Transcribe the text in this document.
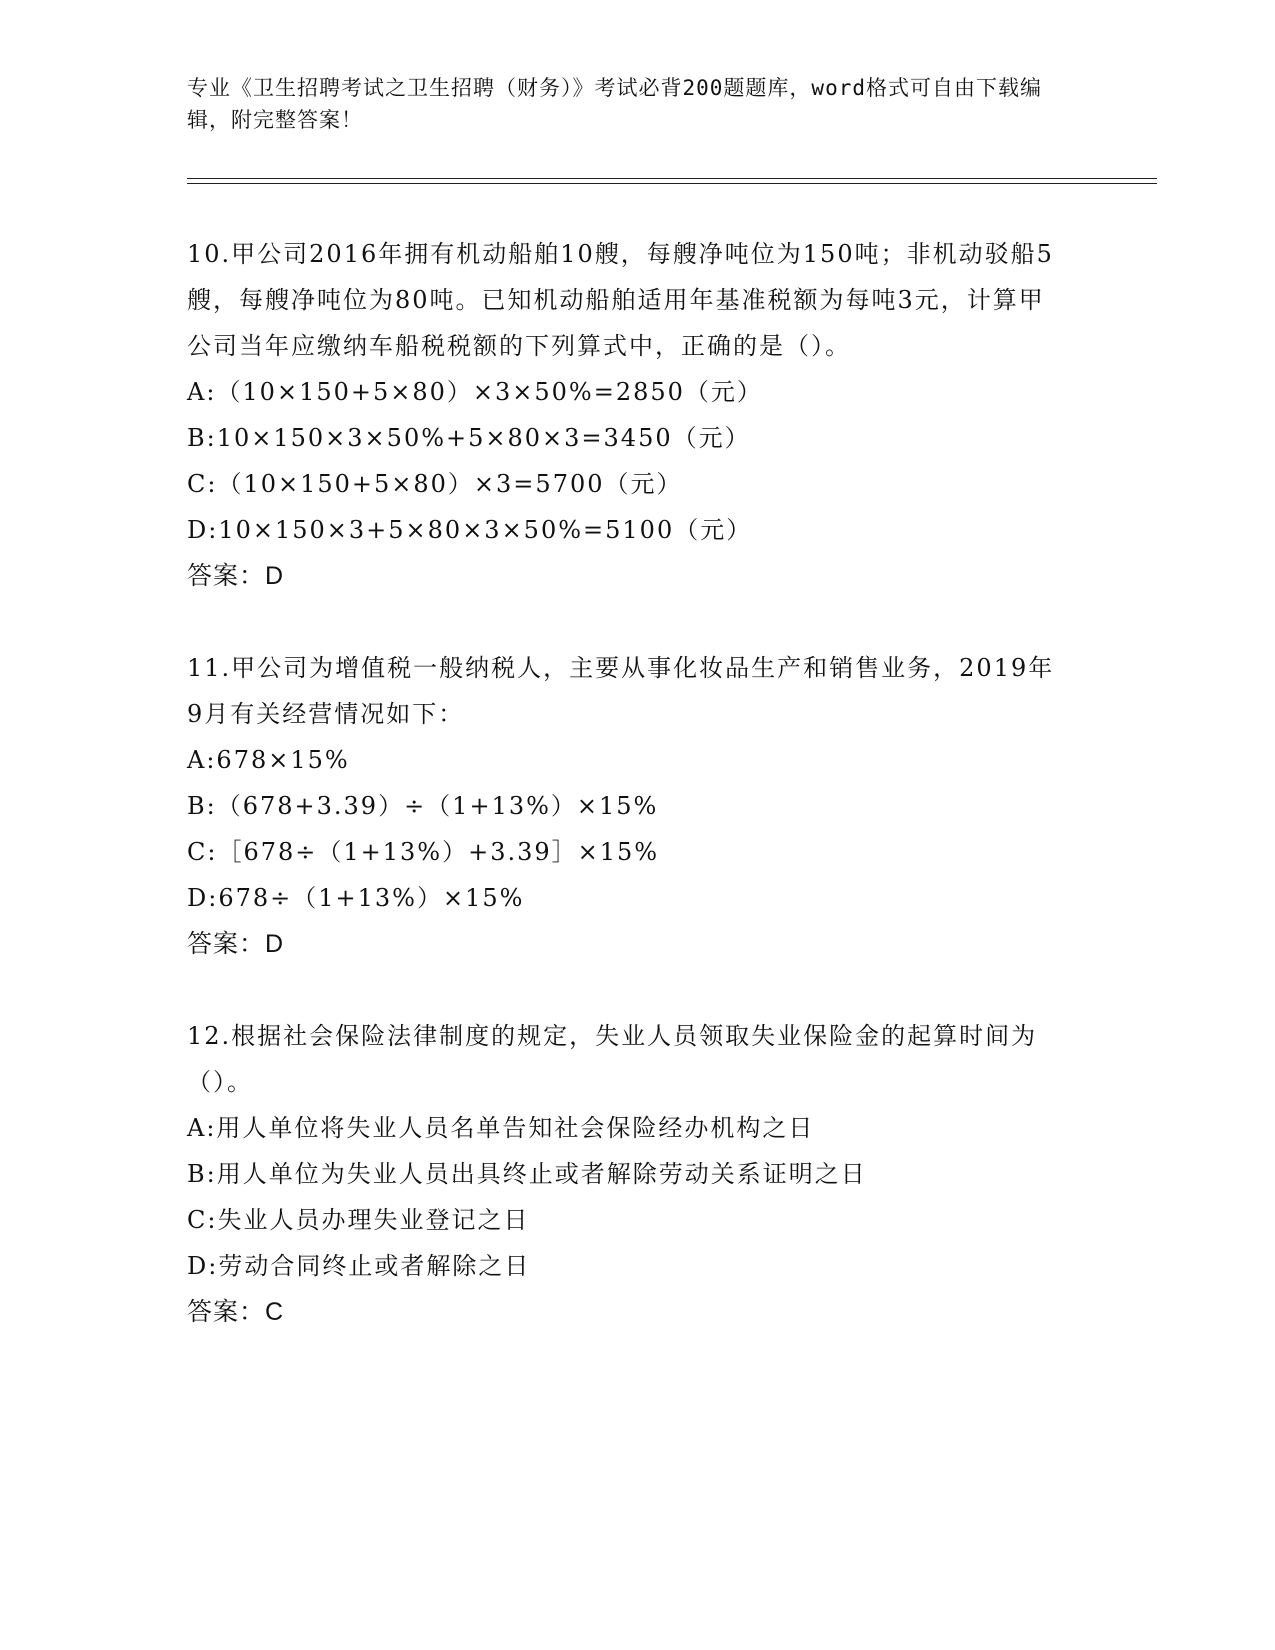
专业《卫生招聘考试之卫生招聘（财务）》考试必背200题题库，word格式可自由下载编辑，附完整答案！

10.甲公司2016年拥有机动船舶10艘，每艘净吨位为150吨；非机动驳船5艘，每艘净吨位为80吨。已知机动船舶适用年基准税额为每吨3元，计算甲公司当年应缴纳车船税税额的下列算式中，正确的是（）。

A:（10×150+5×80）×3×50%=2850（元）

B:10×150×3×50%+5×80×3=3450（元）

C:（10×150+5×80）×3=5700（元）

D:10×150×3+5×80×3×50%=5100（元）

答案：D

11.甲公司为增值税一般纳税人，主要从事化妆品生产和销售业务，2019年9月有关经营情况如下：

A:678×15%

B:（678+3.39）÷（1+13%）×15%

C:［678÷（1+13%）+3.39］×15%

D:678÷（1+13%）×15%

答案：D

12.根据社会保险法律制度的规定，失业人员领取失业保险金的起算时间为（）。

A:用人单位将失业人员名单告知社会保险经办机构之日

B:用人单位为失业人员出具终止或者解除劳动关系证明之日

C:失业人员办理失业登记之日

D:劳动合同终止或者解除之日

答案：C
